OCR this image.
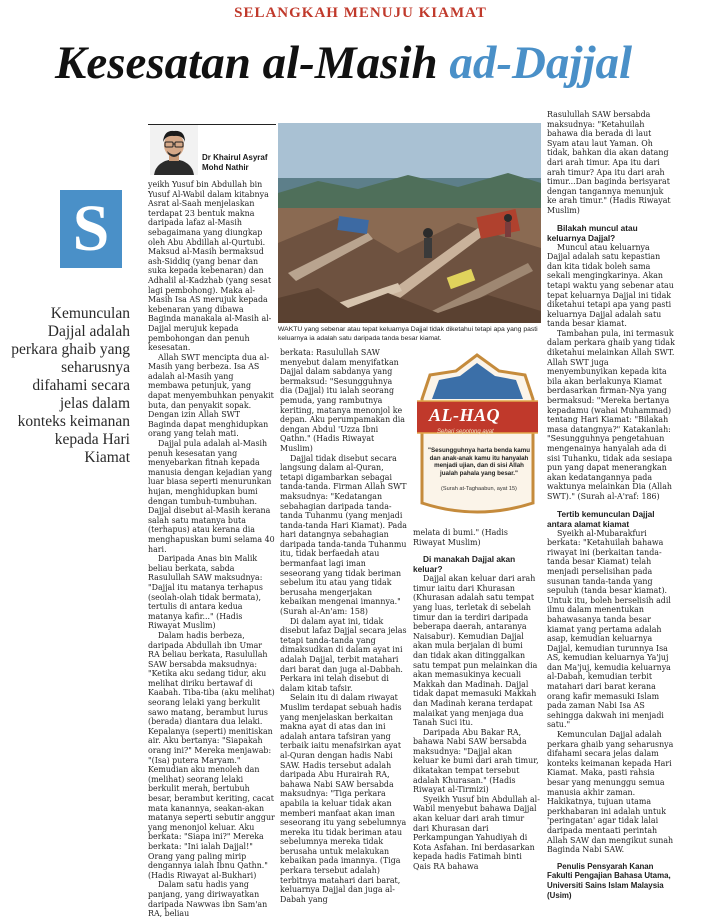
SELANGKAH MENUJU KIAMAT
Kesesatan al-Masih ad-Dajjal
Dr Khairul Asyraf
Mohd Nathir
S
Kemunculan Dajjal adalah perkara ghaib yang seharusnya difahami secara jelas dalam konteks keimanan kepada Hari Kiamat

yeikh Yusuf bin Abdullah bin Yusuf Al-Wabil dalam kitabnya Asrat al-Saah menjelaskan terdapat 23 bentuk makna daripada lafaz al-Masih sebagaimana yang diungkap oleh Abu Abdillah al-Qurtubi. Maksud al-Masih bermaksud ash-Siddiq (yang benar dan suka kepada kebenaran) dan Adhalil al-Kadzhab (yang sesat lagi pembohong). Maka al-Masih Isa AS merujuk kepada kebenaran yang dibawa Baginda manakala al-Masih al-Dajjal merujuk kepada pembohongan dan penuh kesesatan.

Allah SWT mencipta dua al-Masih yang berbeza. Isa AS adalah al-Masih yang membawa petunjuk, yang dapat menyembuhkan penyakit buta, dan penyakit sopak. Dengan izin Allah SWT Baginda dapat menghidupkan orang yang telah mati.

Dajjal pula adalah al-Masih penuh kesesatan yang menyebarkan fitnah kepada manusia dengan kejadian yang luar biasa seperti menurunkan hujan, menghidupkan bumi dengan tumbuh-tumbuhan. Dajjal disebut al-Masih kerana salah satu matanya buta (terhapus) atau kerana dia menghapuskan bumi selama 40 hari.

Daripada Anas bin Malik beliau berkata, sabda Rasulullah SAW maksudnya: "Dajjal itu matanya terhapus (seolah-olah tidak bermata), tertulis di antara kedua matanya kafir..." (Hadis Riwayat Muslim)

Dalam hadis berbeza, daripada Abdullah ibn Umar RA beliau berkata, Rasulullah SAW bersabda maksudnya: "Ketika aku sedang tidur, aku melihat diriku bertawaf di Kaabah. Tiba-tiba (aku melihat) seorang lelaki yang berkulit sawo matang, berambut lurus (berada) diantara dua lelaki. Kepalanya (seperti) menitiskan air. Aku bertanya: "Siapakah orang ini?" Mereka menjawab: "(Isa) putera Maryam." Kemudian aku menoleh dan (melihat) seorang lelaki berkulit merah, bertubuh besar, berambut keriting, cacat mata kanannya, seakan-akan matanya seperti sebutir anggur yang menonjol keluar. Aku berkata: "Siapa ini?" Mereka berkata: "Ini ialah Dajjal!" Orang yang paling mirip dengannya ialah Ibnu Qathn." (Hadis Riwayat al-Bukhari)

Dalam satu hadis yang panjang, yang diriwayatkan daripada Nawwas ibn Sam'an RA, beliau

WAKTU yang sebenar atau tepat keluarnya Dajjal tidak diketahui tetapi apa yang pasti keluarnya ia adalah satu daripada tanda besar kiamat.

berkata: Rasulullah SAW menyebut dalam menyifatkan Dajjal dalam sabdanya yang bermaksud: "Sesungguhnya dia (Dajjal) itu ialah seorang pemuda, yang rambutnya keriting, matanya menonjol ke depan. Aku perumpamakan dia dengan Abdul 'Uzza Ibni Qathn." (Hadis Riwayat Muslim)

Dajjal tidak disebut secara langsung dalam al-Quran, tetapi digambarkan sebagai tanda-tanda. Firman Allah SWT maksudnya: "Kedatangan sebahagian daripada tanda-tanda Tuhanmu (yang menjadi tanda-tanda Hari Kiamat). Pada hari datangnya sebahagian daripada tanda-tanda Tuhanmu itu, tidak berfaedah atau bermanfaat lagi iman seseorang yang tidak beriman sebelum itu atau yang tidak berusaha mengerjakan kebaikan mengenai imannya." (Surah al-An'am: 158)

Di dalam ayat ini, tidak disebut lafaz Dajjal secara jelas tetapi tanda-tanda yang dimaksudkan di dalam ayat ini adalah Dajjal, terbit matahari dari barat dan juga al-Dabbah. Perkara ini telah disebut di dalam kitab tafsir.

Selain itu di dalam riwayat Muslim terdapat sebuah hadis yang menjelaskan berkaitan makna ayat di atas dan ini adalah antara tafsiran yang terbaik iaitu menafsirkan ayat al-Quran dengan hadis Nabi SAW. Hadis tersebut adalah daripada Abu Hurairah RA, bahawa Nabi SAW bersabda maksudnya: "Tiga perkara apabila ia keluar tidak akan memberi manfaat akan iman seseorang itu yang sebelumnya mereka itu tidak beriman atau sebelumnya mereka tidak berusaha untuk melakukan kebaikan pada imannya. (Tiga perkara tersebut adalah) terbitnya matahari dari barat, keluarnya Dajjal dan juga al-Dabah yang

AL-HAQ
Sehari sepotong ayat
"Sesungguhnya harta benda kamu dan anak-anak kamu itu hanyalah menjadi ujian, dan di sisi Allah jualah pahala yang besar."
(Surah at-Taghaabun, ayat 15)

melata di bumi." (Hadis Riwayat Muslim)

Di manakah Dajjal akan keluar?

Dajjal akan keluar dari arah timur iaitu dari Khurasan (Khurasan adalah satu tempat yang luas, terletak di sebelah timur dan ia terdiri daripada beberapa daerah, antaranya Naisabur). Kemudian Dajjal akan mula berjalan di bumi dan tidak akan ditinggalkan satu tempat pun melainkan dia akan memasukinya kecuali Makkah dan Madinah. Dajjal tidak dapat memasuki Makkah dan Madinah kerana terdapat malaikat yang menjaga dua Tanah Suci itu.

Daripada Abu Bakar RA, bahawa Nabi SAW bersabda maksudnya: "Dajjal akan keluar ke bumi dari arah timur, dikatakan tempat tersebut adalah Khurasan." (Hadis Riwayat al-Tirmizi)

Syeikh Yusuf bin Abdullah al-Wabil menyebut bahawa Dajjal akan keluar dari arah timur dari Khurasan dari Perkampungan Yahudiyah di Kota Asfahan. Ini berdasarkan kepada hadis Fatimah binti Qais RA bahawa

Rasulullah SAW bersabda maksudnya: "Ketahuilah bahawa dia berada di laut Syam atau laut Yaman. Oh tidak, bahkan dia akan datang dari arah timur. Apa itu dari arah timur? Apa itu dari arah timur...Dan baginda berisyarat dengan tangannya menunjuk ke arah timur." (Hadis Riwayat Muslim)

Bilakah muncul atau keluarnya Dajjal?

Muncul atau keluarnya Dajjal adalah satu kepastian dan kita tidak boleh sama sekali mengingkarinya. Akan tetapi waktu yang sebenar atau tepat keluarnya Dajjal ini tidak diketahui tetapi apa yang pasti keluarnya Dajjal adalah satu tanda besar kiamat.

Tambahan pula, ini termasuk dalam perkara ghaib yang tidak diketahui melainkan Allah SWT. Allah SWT juga menyembunyikan kepada kita bila akan berlakunya Kiamat berdasarkan firman-Nya yang bermaksud: "Mereka bertanya kepadamu (wahai Muhammad) tentang Hari Kiamat: "Bilakah masa datangnya?" Katakanlah: "Sesungguhnya pengetahuan mengenainya hanyalah ada di sisi Tuhanku, tidak ada sesiapa pun yang dapat menerangkan akan kedatangannya pada waktunya melainkan Dia (Allah SWT)." (Surah al-A'raf: 186)

Tertib kemunculan Dajjal antara alamat kiamat

Syeikh al-Mubarakfuri berkata: "Ketahuilah bahawa riwayat ini (berkaitan tanda-tanda besar Kiamat) telah menjadi perselisihan pada susunan tanda-tanda yang sepuluh (tanda besar kiamat). Untuk itu, boleh berselisih adil ilmu dalam menentukan bahawasanya tanda besar kiamat yang pertama adalah asap, kemudian keluarnya Dajjal, kemudian turunnya Isa AS, kemudian keluarnya Ya'juj dan Ma'juj, kemudia keluarnya al-Dabah, kemudian terbit matahari dari barat kerana orang kafir memasuki Islam pada zaman Nabi Isa AS sehingga dakwah ini menjadi satu."

Kemunculan Dajjal adalah perkara ghaib yang seharusnya difahami secara jelas dalam konteks keimanan kepada Hari Kiamat. Maka, pasti rahsia besar yang menunggu semua manusia akhir zaman. Hakikatnya, tujuan utama perkhabaran ini adalah untuk 'peringatan' agar tidak lalai daripada mentaati perintah Allah SAW dan mengikut sunah Baginda Nabi SAW.

Penulis Pensyarah Kanan Fakulti Pengajian Bahasa Utama, Universiti Sains Islam Malaysia (Usim)
